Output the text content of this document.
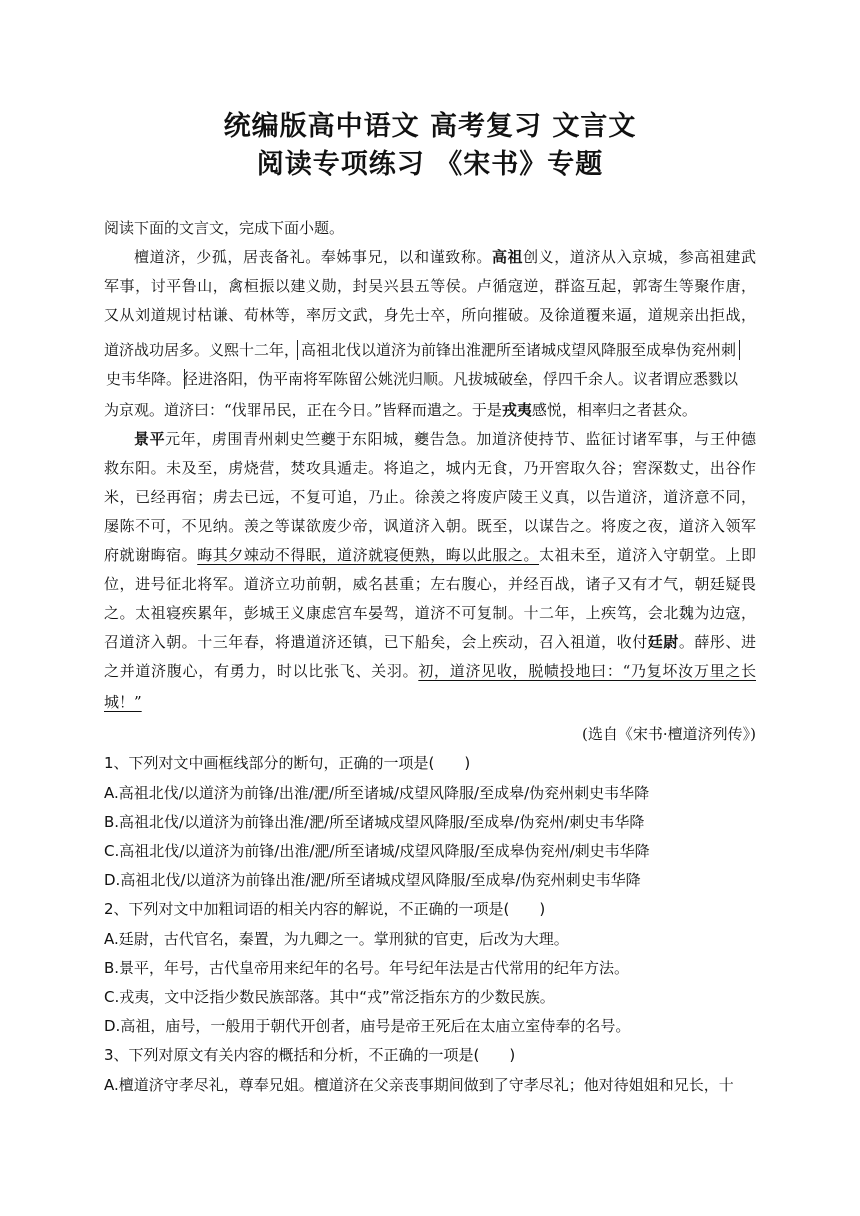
统编版高中语文 高考复习 文言文
阅读专项练习 《宋书》专题
阅读下面的文言文，完成下面小题。
檀道济，少孤，居丧备礼。奉姊事兄，以和谨致称。高祖创义，道济从入京城，参高祖建武
军事，讨平鲁山，禽桓振以建义勋，封吴兴县五等侯。卢循寇逆，群盗互起，郭寄生等聚作唐，
又从刘道规讨枯谦、荀林等，率厉文武，身先士卒，所向摧破。及徐道覆来逼，道规亲出拒战，
道济战功居多。义熙十二年， 高祖北伐以道济为前锋出淮淝所至诸城戍望风降服至成皋伪兖州刺
史韦华降。 径进洛阳，伪平南将军陈留公姚洸归顺。凡拔城破垒，俘四千余人。议者谓应悉戮以
为京观。道济曰：“伐罪吊民，正在今日。”皆释而遣之。于是戎夷感悦，相率归之者甚众。
景平元年，虏围青州刺史竺夔于东阳城，夔告急。加道济使持节、监征讨诸军事，与王仲德
救东阳。未及至，虏烧营，焚攻具遁走。将追之，城内无食，乃开窖取久谷；窖深数丈，出谷作
米，已经再宿；虏去已远，不复可追，乃止。徐羡之将废庐陵王义真，以告道济，道济意不同，
屡陈不可，不见纳。羡之等谋欲废少帝，讽道济入朝。既至，以谋告之。将废之夜，道济入领军
府就谢晦宿。晦其夕竦动不得眠，道济就寝便熟，晦以此服之。太祖未至，道济入守朝堂。上即
位，进号征北将军。道济立功前朝，威名甚重；左右腹心，并经百战，诸子又有才气，朝廷疑畏
之。太祖寝疾累年，彭城王义康虑宫车晏驾，道济不可复制。十二年，上疾笃，会北魏为边寇，
召道济入朝。十三年春，将遣道济还镇，已下船矣，会上疾动，召入祖道，收付廷尉。薛彤、进
之并道济腹心，有勇力，时以比张飞、关羽。初，道济见收，脱帻投地曰：“乃复坏汝万里之长
城！”
(选自《宋书·檀道济列传》)
1、下列对文中画框线部分的断句，正确的一项是(　　)
A.高祖北伐/以道济为前锋/出淮/淝/所至诸城/戍望风降服/至成皋/伪兖州刺史韦华降
B.高祖北伐/以道济为前锋出淮/淝/所至诸城戍望风降服/至成皋/伪兖州/刺史韦华降
C.高祖北伐/以道济为前锋/出淮/淝/所至诸城/戍望风降服/至成皋伪兖州/刺史韦华降
D.高祖北伐/以道济为前锋出淮/淝/所至诸城戍望风降服/至成皋/伪兖州刺史韦华降
2、下列对文中加粗词语的相关内容的解说，不正确的一项是(　　)
A.廷尉，古代官名，秦置，为九卿之一。掌刑狱的官吏，后改为大理。
B.景平，年号，古代皇帝用来纪年的名号。年号纪年法是古代常用的纪年方法。
C.戎夷，文中泛指少数民族部落。其中“戎”常泛指东方的少数民族。
D.高祖，庙号，一般用于朝代开创者，庙号是帝王死后在太庙立室侍奉的名号。
3、下列对原文有关内容的概括和分析，不正确的一项是(　　)
A.檀道济守孝尽礼，尊奉兄姐。檀道济在父亲丧事期间做到了守孝尽礼；他对待姐姐和兄长，十
